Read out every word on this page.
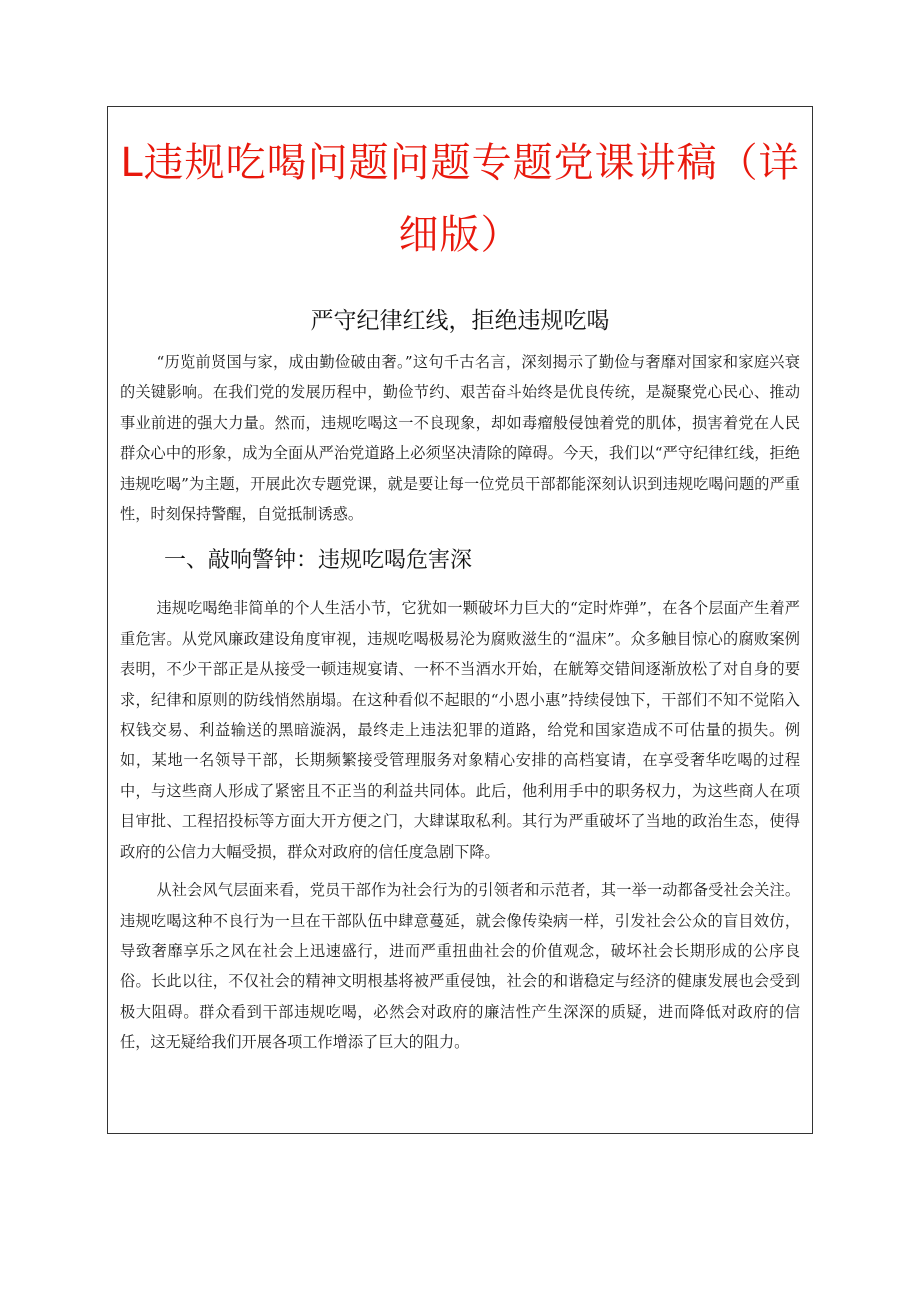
L违规吃喝问题问题专题党课讲稿（详细版）
严守纪律红线，拒绝违规吃喝

“历览前贤国与家，成由勤俭破由奢。”这句千古名言，深刻揭示了勤俭与奢靡对国家和家庭兴衰的关键影响。在我们党的发展历程中，勤俭节约、艰苦奋斗始终是优良传统，是凝聚党心民心、推动事业前进的强大力量。然而，违规吃喝这一不良现象，却如毒瘤般侵蚀着党的肌体，损害着党在人民群众心中的形象，成为全面从严治党道路上必须坚决清除的障碍。今天，我们以“严守纪律红线，拒绝违规吃喝”为主题，开展此次专题党课，就是要让每一位党员干部都能深刻认识到违规吃喝问题的严重性，时刻保持警醒，自觉抵制诱惑。

一、敲响警钟：违规吃喝危害深

违规吃喝绝非简单的个人生活小节，它犹如一颗破坏力巨大的“定时炸弹”，在各个层面产生着严重危害。从党风廉政建设角度审视，违规吃喝极易沦为腐败滋生的“温床”。众多触目惊心的腐败案例表明，不少干部正是从接受一顿违规宴请、一杯不当酒水开始，在觥筹交错间逐渐放松了对自身的要求，纪律和原则的防线悄然崩塌。在这种看似不起眼的“小恩小惠”持续侵蚀下，干部们不知不觉陷入权钱交易、利益输送的黑暗漩涡，最终走上违法犯罪的道路，给党和国家造成不可估量的损失。例如，某地一名领导干部，长期频繁接受管理服务对象精心安排的高档宴请，在享受奢华吃喝的过程中，与这些商人形成了紧密且不正当的利益共同体。此后，他利用手中的职务权力，为这些商人在项目审批、工程招投标等方面大开方便之门，大肆谋取私利。其行为严重破坏了当地的政治生态，使得政府的公信力大幅受损，群众对政府的信任度急剧下降。

从社会风气层面来看，党员干部作为社会行为的引领者和示范者，其一举一动都备受社会关注。违规吃喝这种不良行为一旦在干部队伍中肆意蔓延，就会像传染病一样，引发社会公众的盲目效仿，导致奢靡享乐之风在社会上迅速盛行，进而严重扭曲社会的价值观念，破坏社会长期形成的公序良俗。长此以往，不仅社会的精神文明根基将被严重侵蚀，社会的和谐稳定与经济的健康发展也会受到极大阻碍。群众看到干部违规吃喝，必然会对政府的廉洁性产生深深的质疑，进而降低对政府的信任，这无疑给我们开展各项工作增添了巨大的阻力。
